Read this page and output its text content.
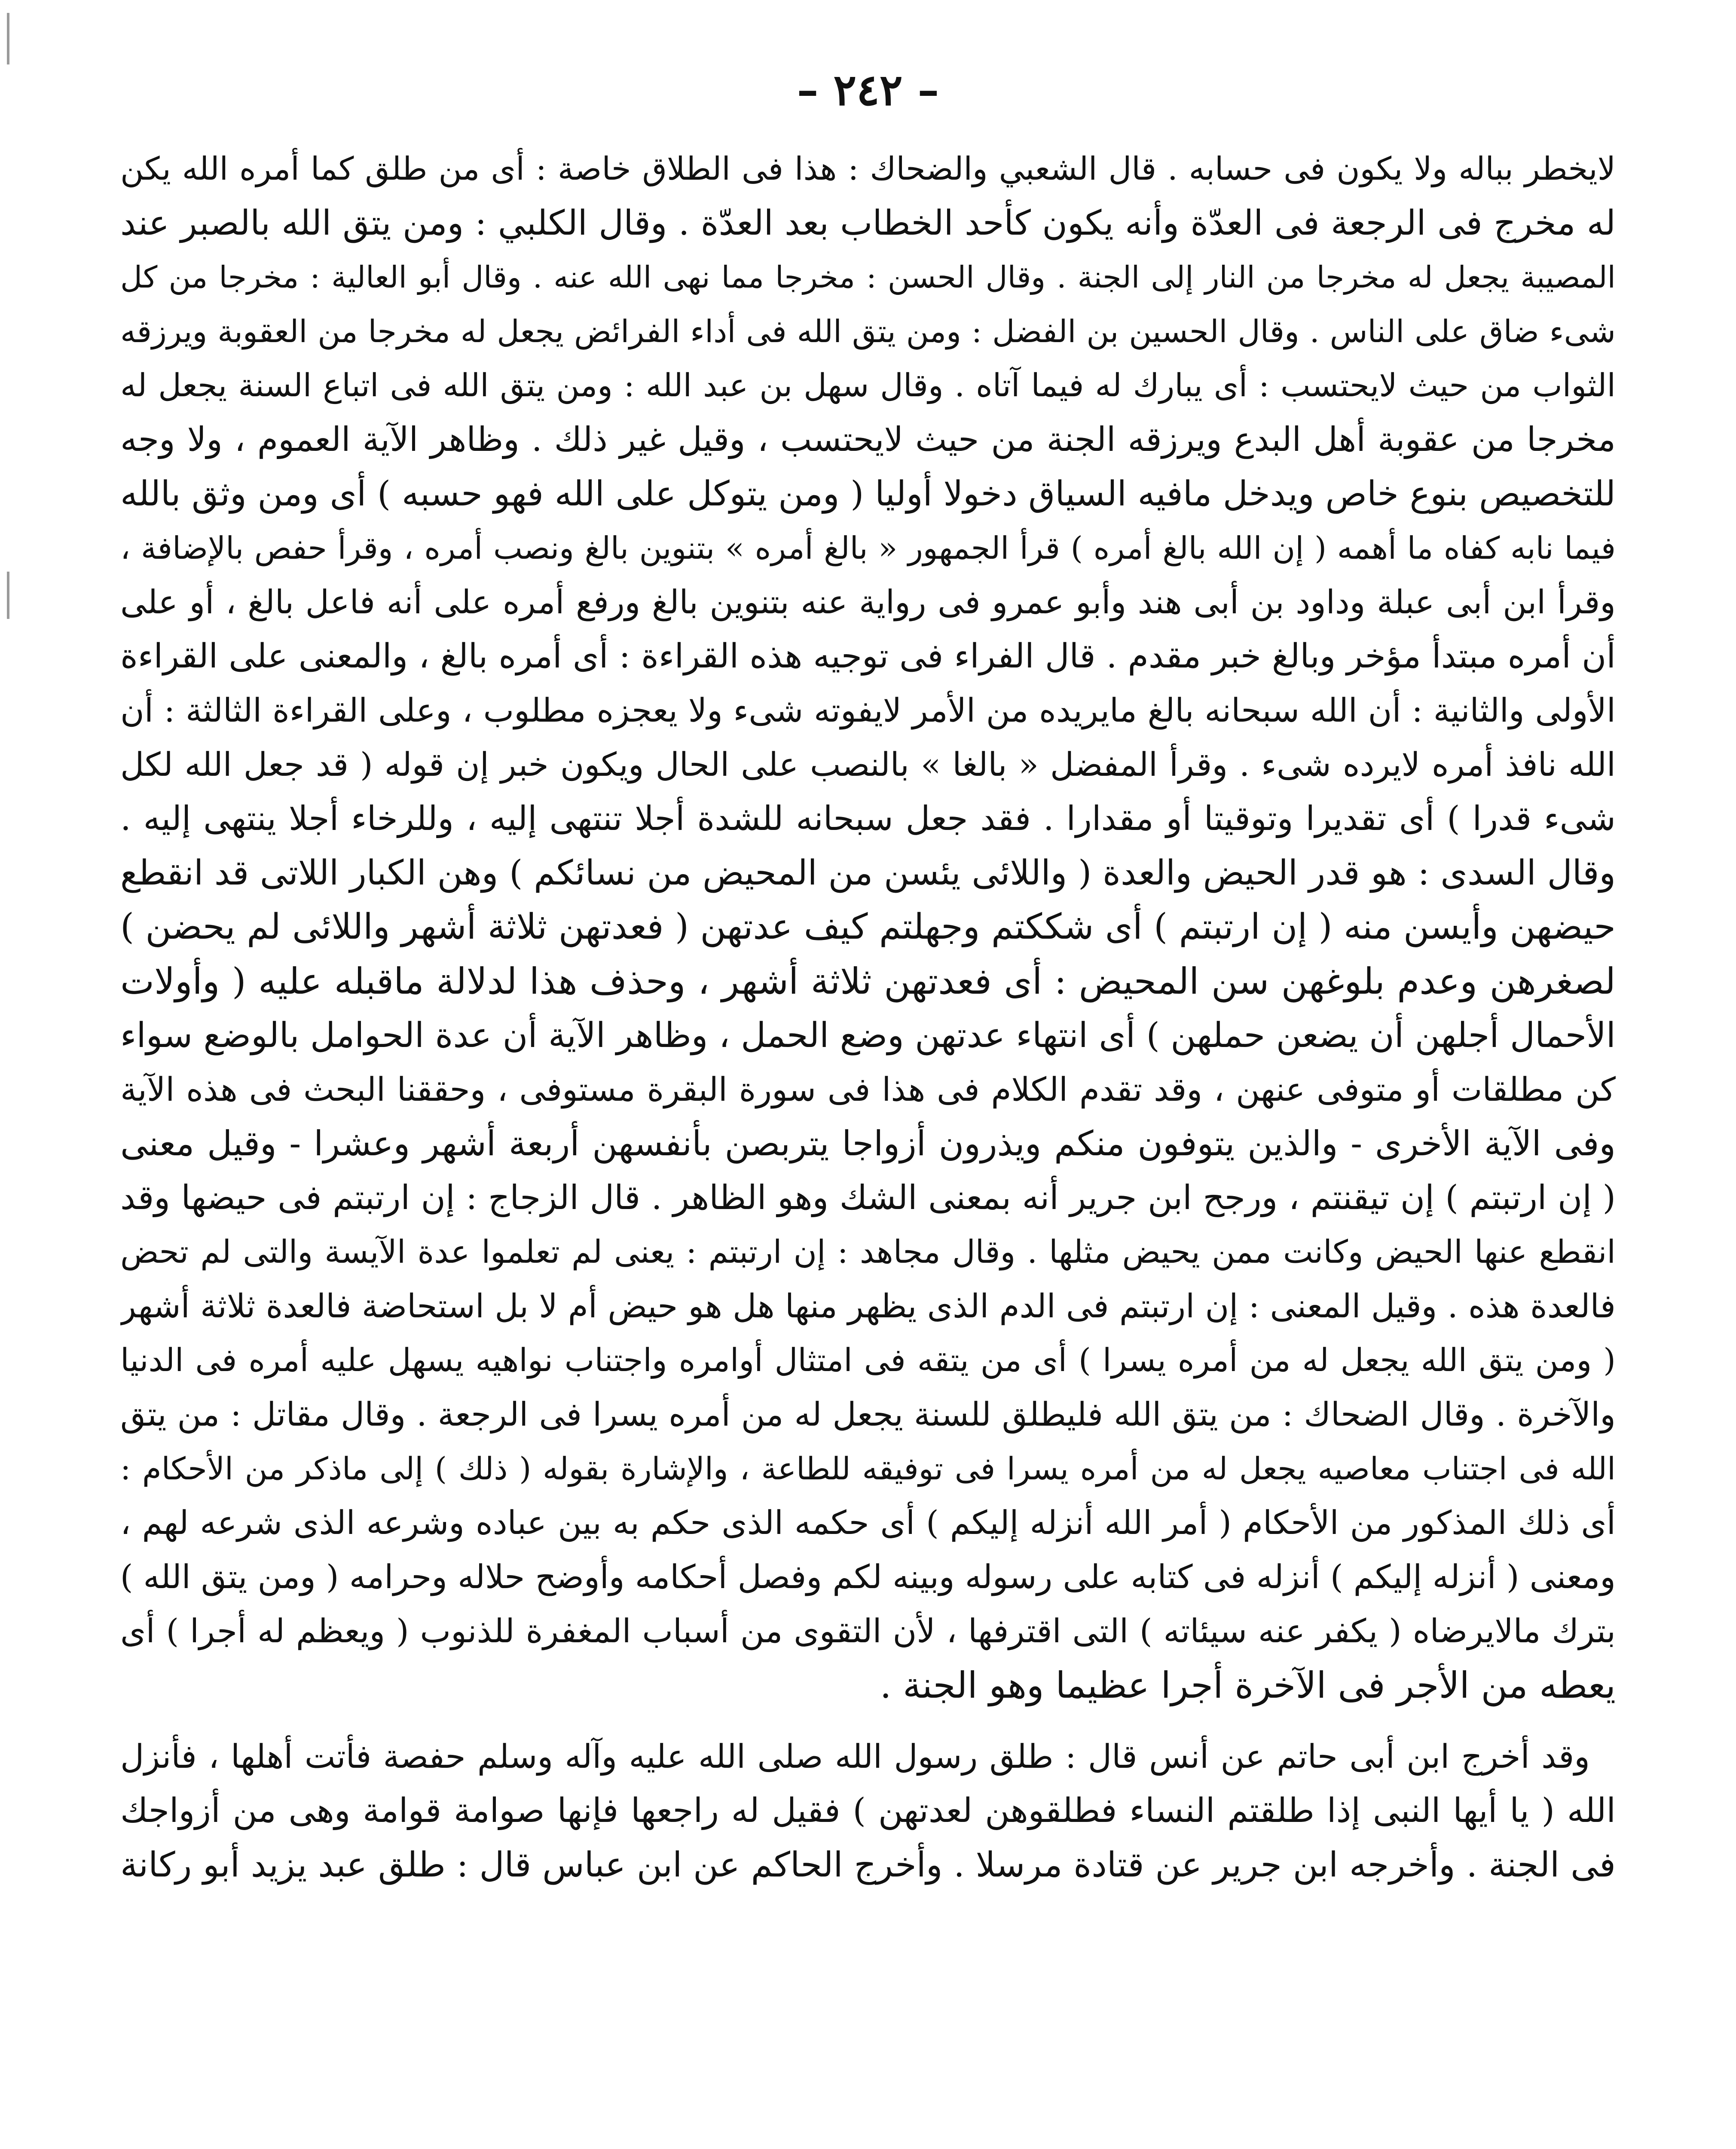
– ٢٤٢ –
لايخطر بباله ولا يكون فى حسابه . قال الشعبي والضحاك : هذا فى الطلاق خاصة : أى من طلق كما أمره الله يكن
له مخرج فى الرجعة فى العدّة وأنه يكون كأحد الخطاب بعد العدّة . وقال الكلبي : ومن يتق الله بالصبر عند
المصيبة يجعل له مخرجا من النار إلى الجنة . وقال الحسن : مخرجا مما نهى الله عنه . وقال أبو العالية : مخرجا من كل
شىء ضاق على الناس . وقال الحسين بن الفضل : ومن يتق الله فى أداء الفرائض يجعل له مخرجا من العقوبة ويرزقه
الثواب من حيث لايحتسب : أى يبارك له فيما آتاه . وقال سهل بن عبد الله : ومن يتق الله فى اتباع السنة يجعل له
مخرجا من عقوبة أهل البدع ويرزقه الجنة من حيث لايحتسب ، وقيل غير ذلك . وظاهر الآية العموم ، ولا وجه
للتخصيص بنوع خاص ويدخل مافيه السياق دخولا أوليا ( ومن يتوكل على الله فهو حسبه ) أى ومن وثق بالله
فيما نابه كفاه ما أهمه ( إن الله بالغ أمره ) قرأ الجمهور « بالغ أمره » بتنوين بالغ ونصب أمره ، وقرأ حفص بالإضافة ،
وقرأ ابن أبى عبلة وداود بن أبى هند وأبو عمرو فى رواية عنه بتنوين بالغ ورفع أمره على أنه فاعل بالغ ، أو على
أن أمره مبتدأ مؤخر وبالغ خبر مقدم . قال الفراء فى توجيه هذه القراءة : أى أمره بالغ ، والمعنى على القراءة
الأولى والثانية : أن الله سبحانه بالغ مايريده من الأمر لايفوته شىء ولا يعجزه مطلوب ، وعلى القراءة الثالثة : أن
الله نافذ أمره لايرده شىء . وقرأ المفضل « بالغا » بالنصب على الحال ويكون خبر إن قوله ( قد جعل الله لكل
شىء قدرا ) أى تقديرا وتوقيتا أو مقدارا . فقد جعل سبحانه للشدة أجلا تنتهى إليه ، وللرخاء أجلا ينتهى إليه .
وقال السدى : هو قدر الحيض والعدة ( واللائى يئسن من المحيض من نسائكم ) وهن الكبار اللاتى قد انقطع
حيضهن وأيسن منه ( إن ارتبتم ) أى شككتم وجهلتم كيف عدتهن ( فعدتهن ثلاثة أشهر واللائى لم يحضن )
لصغرهن وعدم بلوغهن سن المحيض : أى فعدتهن ثلاثة أشهر ، وحذف هذا لدلالة ماقبله عليه ( وأولات
الأحمال أجلهن أن يضعن حملهن ) أى انتهاء عدتهن وضع الحمل ، وظاهر الآية أن عدة الحوامل بالوضع سواء
كن مطلقات أو متوفى عنهن ، وقد تقدم الكلام فى هذا فى سورة البقرة مستوفى ، وحققنا البحث فى هذه الآية
وفى الآية الأخرى - والذين يتوفون منكم ويذرون أزواجا يتربصن بأنفسهن أربعة أشهر وعشرا - وقيل معنى
( إن ارتبتم ) إن تيقنتم ، ورجح ابن جرير أنه بمعنى الشك وهو الظاهر . قال الزجاج : إن ارتبتم فى حيضها وقد
انقطع عنها الحيض وكانت ممن يحيض مثلها . وقال مجاهد : إن ارتبتم : يعنى لم تعلموا عدة الآيسة والتى لم تحض
فالعدة هذه . وقيل المعنى : إن ارتبتم فى الدم الذى يظهر منها هل هو حيض أم لا بل استحاضة فالعدة ثلاثة أشهر
( ومن يتق الله يجعل له من أمره يسرا ) أى من يتقه فى امتثال أوامره واجتناب نواهيه يسهل عليه أمره فى الدنيا
والآخرة . وقال الضحاك : من يتق الله فليطلق للسنة يجعل له من أمره يسرا فى الرجعة . وقال مقاتل : من يتق
الله فى اجتناب معاصيه يجعل له من أمره يسرا فى توفيقه للطاعة ، والإشارة بقوله ( ذلك ) إلى ماذكر من الأحكام :
أى ذلك المذكور من الأحكام ( أمر الله أنزله إليكم ) أى حكمه الذى حكم به بين عباده وشرعه الذى شرعه لهم ،
ومعنى ( أنزله إليكم ) أنزله فى كتابه على رسوله وبينه لكم وفصل أحكامه وأوضح حلاله وحرامه ( ومن يتق الله )
بترك مالايرضاه ( يكفر عنه سيئاته ) التى اقترفها ، لأن التقوى من أسباب المغفرة للذنوب ( ويعظم له أجرا ) أى
يعطه من الأجر فى الآخرة أجرا عظيما وهو الجنة .
وقد أخرج ابن أبى حاتم عن أنس قال : طلق رسول الله صلى الله عليه وآله وسلم حفصة فأتت أهلها ، فأنزل
الله ( يا أيها النبى إذا طلقتم النساء فطلقوهن لعدتهن ) فقيل له راجعها فإنها صوامة قوامة وهى من أزواجك
فى الجنة . وأخرجه ابن جرير عن قتادة مرسلا . وأخرج الحاكم عن ابن عباس قال : طلق عبد يزيد أبو ركانة
